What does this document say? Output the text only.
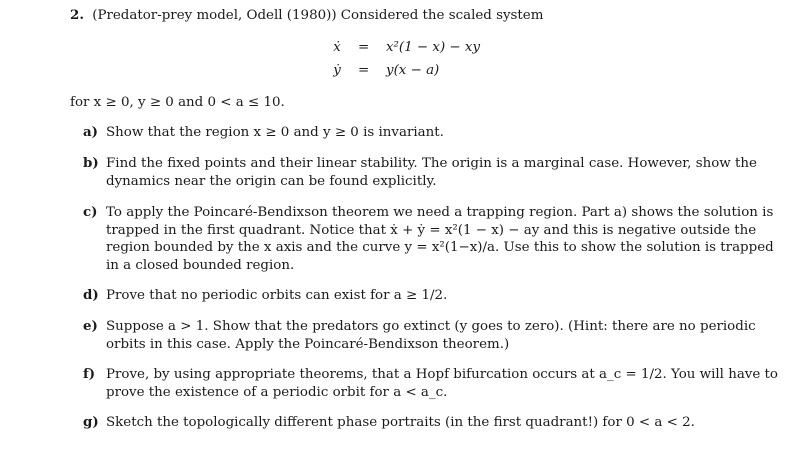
2. (Predator-prey model, Odell (1980)) Considered the scaled system
ẋ = x²(1 − x) − xy
ẏ = y(x − a)
for x ≥ 0, y ≥ 0 and 0 < a ≤ 10.
a) Show that the region x ≥ 0 and y ≥ 0 is invariant.
b) Find the fixed points and their linear stability. The origin is a marginal case. However, show the
dynamics near the origin can be found explicitly.
c) To apply the Poincaré-Bendixson theorem we need a trapping region. Part a) shows the solution is
trapped in the first quadrant. Notice that ẋ + ẏ = x²(1 − x) − ay and this is negative outside the
region bounded by the x axis and the curve y = x²(1−x)/a. Use this to show the solution is trapped
in a closed bounded region.
d) Prove that no periodic orbits can exist for a ≥ 1/2.
e) Suppose a > 1. Show that the predators go extinct (y goes to zero). (Hint: there are no periodic
orbits in this case. Apply the Poincaré-Bendixson theorem.)
f) Prove, by using appropriate theorems, that a Hopf bifurcation occurs at a_c = 1/2. You will have to
prove the existence of a periodic orbit for a < a_c.
g) Sketch the topologically different phase portraits (in the first quadrant!) for 0 < a < 2.
